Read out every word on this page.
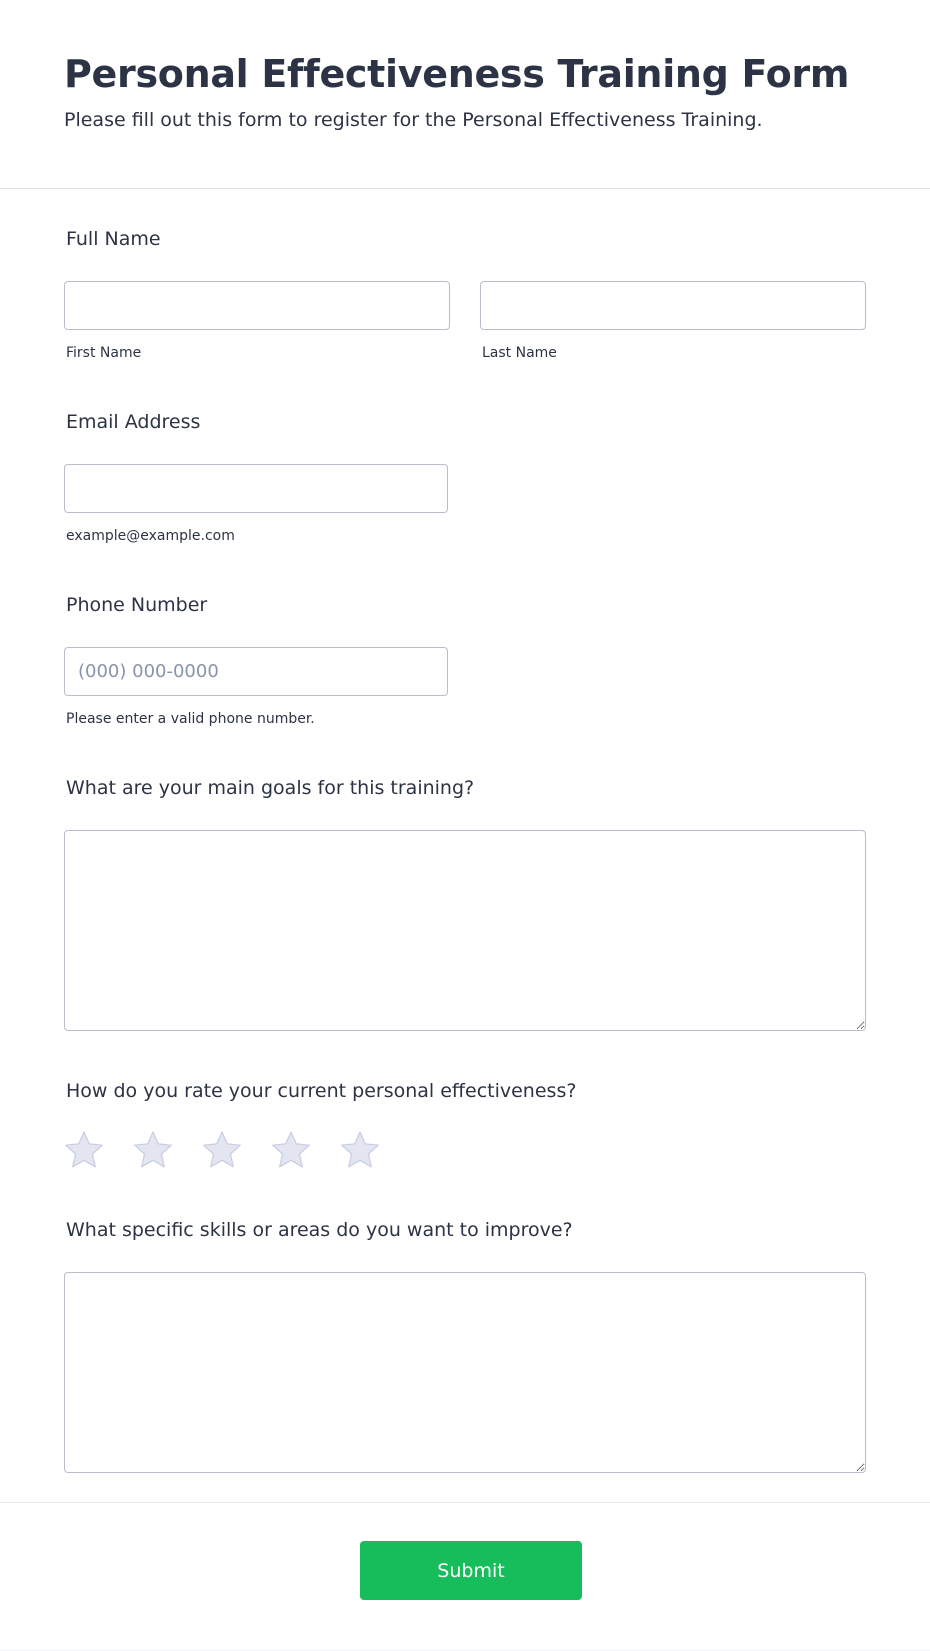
Personal Effectiveness Training Form
Please fill out this form to register for the Personal Effectiveness Training.
Full Name
First Name	Last Name
Email Address
example@example.com
Phone Number
(000) 000-0000
Please enter a valid phone number.
What are your main goals for this training?
How do you rate your current personal effectiveness?
What specific skills or areas do you want to improve?
Submit
